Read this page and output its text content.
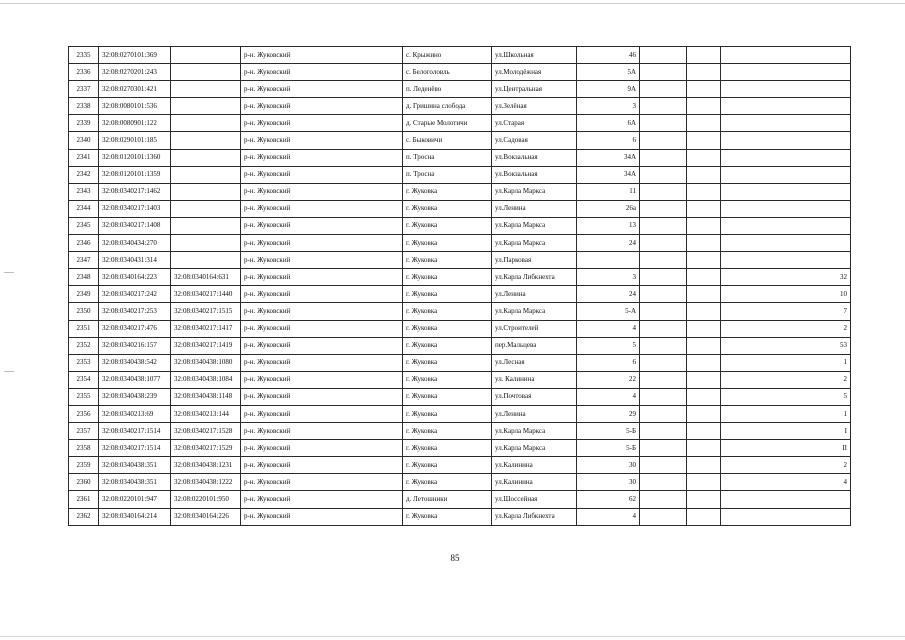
2335	32:08:0270101:369		р-н. Жуковский	с. Крыжино	ул.Школьная	46			
2336	32:08:0270201:243		р-н. Жуковский	с. Белоголовль	ул.Молодёжная	5А			
2337	32:08:0270301:421		р-н. Жуковский	п. Леденёво	ул.Центральная	9А			
2338	32:08:0080101:536		р-н. Жуковский	д. Гришина слобода	ул.Зелёная	3			
2339	32:08:0080901:122		р-н. Жуковский	д. Старые Молотичи	ул.Старая	6А			
2340	32:08:0290101:185		р-н. Жуковский	с. Быковичи	ул.Садовая	6			
2341	32:08:0120101:1360		р-н. Жуковский	п. Тросна	ул.Вокзальная	34А			
2342	32:08:0120101:1359		р-н. Жуковский	п. Тросна	ул.Вокзальная	34А			
2343	32:08:0340217:1462		р-н. Жуковский	г. Жуковка	ул.Карла Маркса	11			
2344	32:08:0340217:1403		р-н. Жуковский	г. Жуковка	ул.Ленина	26а			
2345	32:08:0340217:1408		р-н. Жуковский	г. Жуковка	ул.Карла Маркса	13			
2346	32:08:0340434:270		р-н. Жуковский	г. Жуковка	ул.Карла Маркса	24			
2347	32:08:0340431:314		р-н. Жуковский	г. Жуковка	ул.Парковая				
2348	32:08:0340164:223	32:08:0340164:631	р-н. Жуковский	г. Жуковка	ул.Карла Либкнехта	3			32
2349	32:08:0340217:242	32:08:0340217:1440	р-н. Жуковский	г. Жуковка	ул.Ленина	24			10
2350	32:08:0340217:253	32:08:0340217:1515	р-н. Жуковский	г. Жуковка	ул.Карла Маркса	5-А			7
2351	32:08:0340217:476	32:08:0340217:1417	р-н. Жуковский	г. Жуковка	ул.Строителей	4			2
2352	32:08:0340216:157	32:08:0340217:1419	р-н. Жуковский	г. Жуковка	пер.Мальцева	5			53
2353	32:08:0340438:542	32:08:0340438:1080	р-н. Жуковский	г. Жуковка	ул.Лесная	6			1
2354	32:08:0340438:1077	32:08:0340438:1084	р-н. Жуковский	г. Жуковка	ул. Калинина	22			2
2355	32:08:0340438:239	32:08:0340438:1148	р-н. Жуковский	г. Жуковка	ул.Почтовая	4			5
2356	32:08:0340213:69	32:08:0340213:144	р-н. Жуковский	г. Жуковка	ул.Ленина	29			1
2357	32:08:0340217:1514	32:08:0340217:1528	р-н. Жуковский	г. Жуковка	ул.Карла Маркса	5-Б			I
2358	32:08:0340217:1514	32:08:0340217:1529	р-н. Жуковский	г. Жуковка	ул.Карла Маркса	5-Б			II
2359	32:08:0340438:351	32:08:0340438:1231	р-н. Жуковский	г. Жуковка	ул.Калинина	30			2
2360	32:08:0340438:351	32:08:0340438:1222	р-н. Жуковский	г. Жуковка	ул.Калинина	30			4
2361	32:08:0220101:947	32:08:0220101:950	р-н. Жуковский	д. Летошники	ул.Шоссейная	62			
2362	32:08:0340164:214	32:08:0340164:226	р-н. Жуковский	г. Жуковка	ул.Карла Либкнехта	4			
85
